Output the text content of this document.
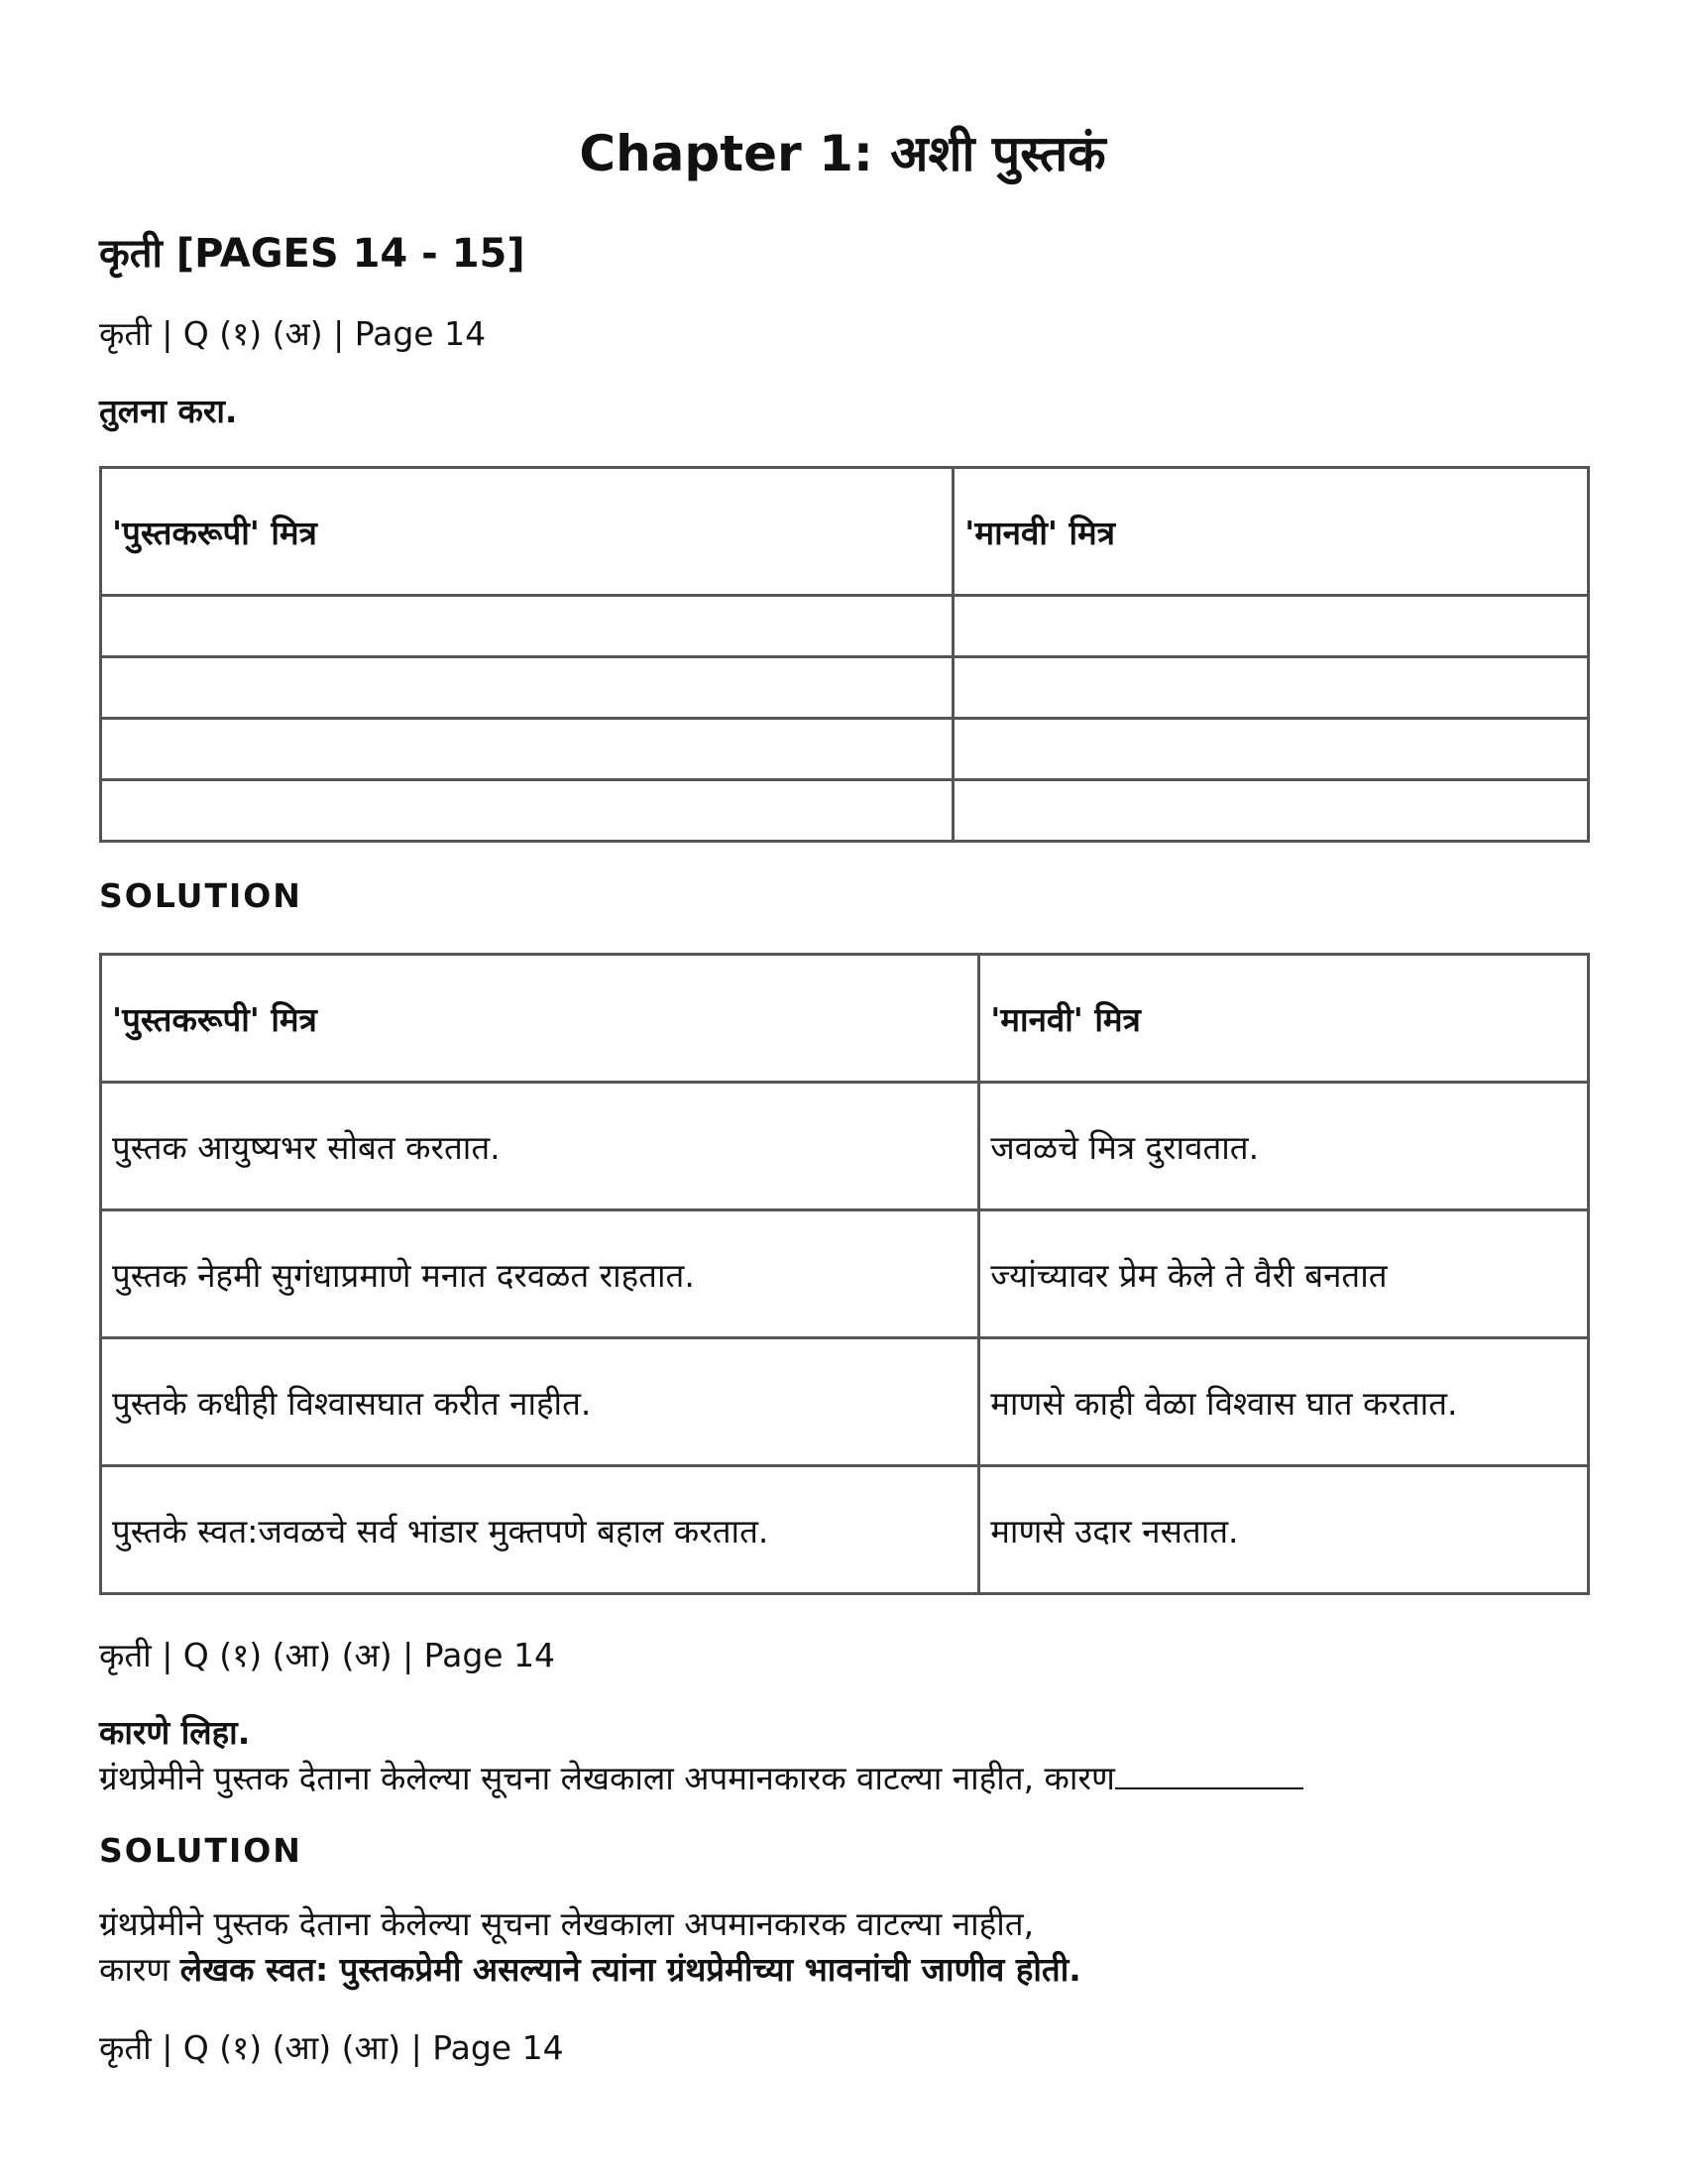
Chapter 1: अशी पुस्तकं
कृती [PAGES 14 - 15]

कृती | Q (१) (अ) | Page 14

तुलना करा.

'पुस्तकरूपी' मित्र	'मानवी' मित्र

SOLUTION

'पुस्तकरूपी' मित्र	'मानवी' मित्र
पुस्तक आयुष्यभर सोबत करतात.	जवळचे मित्र दुरावतात.
पुस्तक नेहमी सुगंधाप्रमाणे मनात दरवळत राहतात.	ज्यांच्यावर प्रेम केले ते वैरी बनतात
पुस्तके कधीही विश्वासघात करीत नाहीत.	माणसे काही वेळा विश्वास घात करतात.
पुस्तके स्वत:जवळचे सर्व भांडार मुक्तपणे बहाल करतात.	माणसे उदार नसतात.

कृती | Q (१) (आ) (अ) | Page 14

कारणे लिहा.

ग्रंथप्रेमीने पुस्तक देताना केलेल्या सूचना लेखकाला अपमानकारक वाटल्या नाहीत, कारण

SOLUTION

ग्रंथप्रेमीने पुस्तक देताना केलेल्या सूचना लेखकाला अपमानकारक वाटल्या नाहीत,

कारण लेखक स्वत: पुस्तकप्रेमी असल्याने त्यांना ग्रंथप्रेमीच्या भावनांची जाणीव होती.

कृती | Q (१) (आ) (आ) | Page 14
